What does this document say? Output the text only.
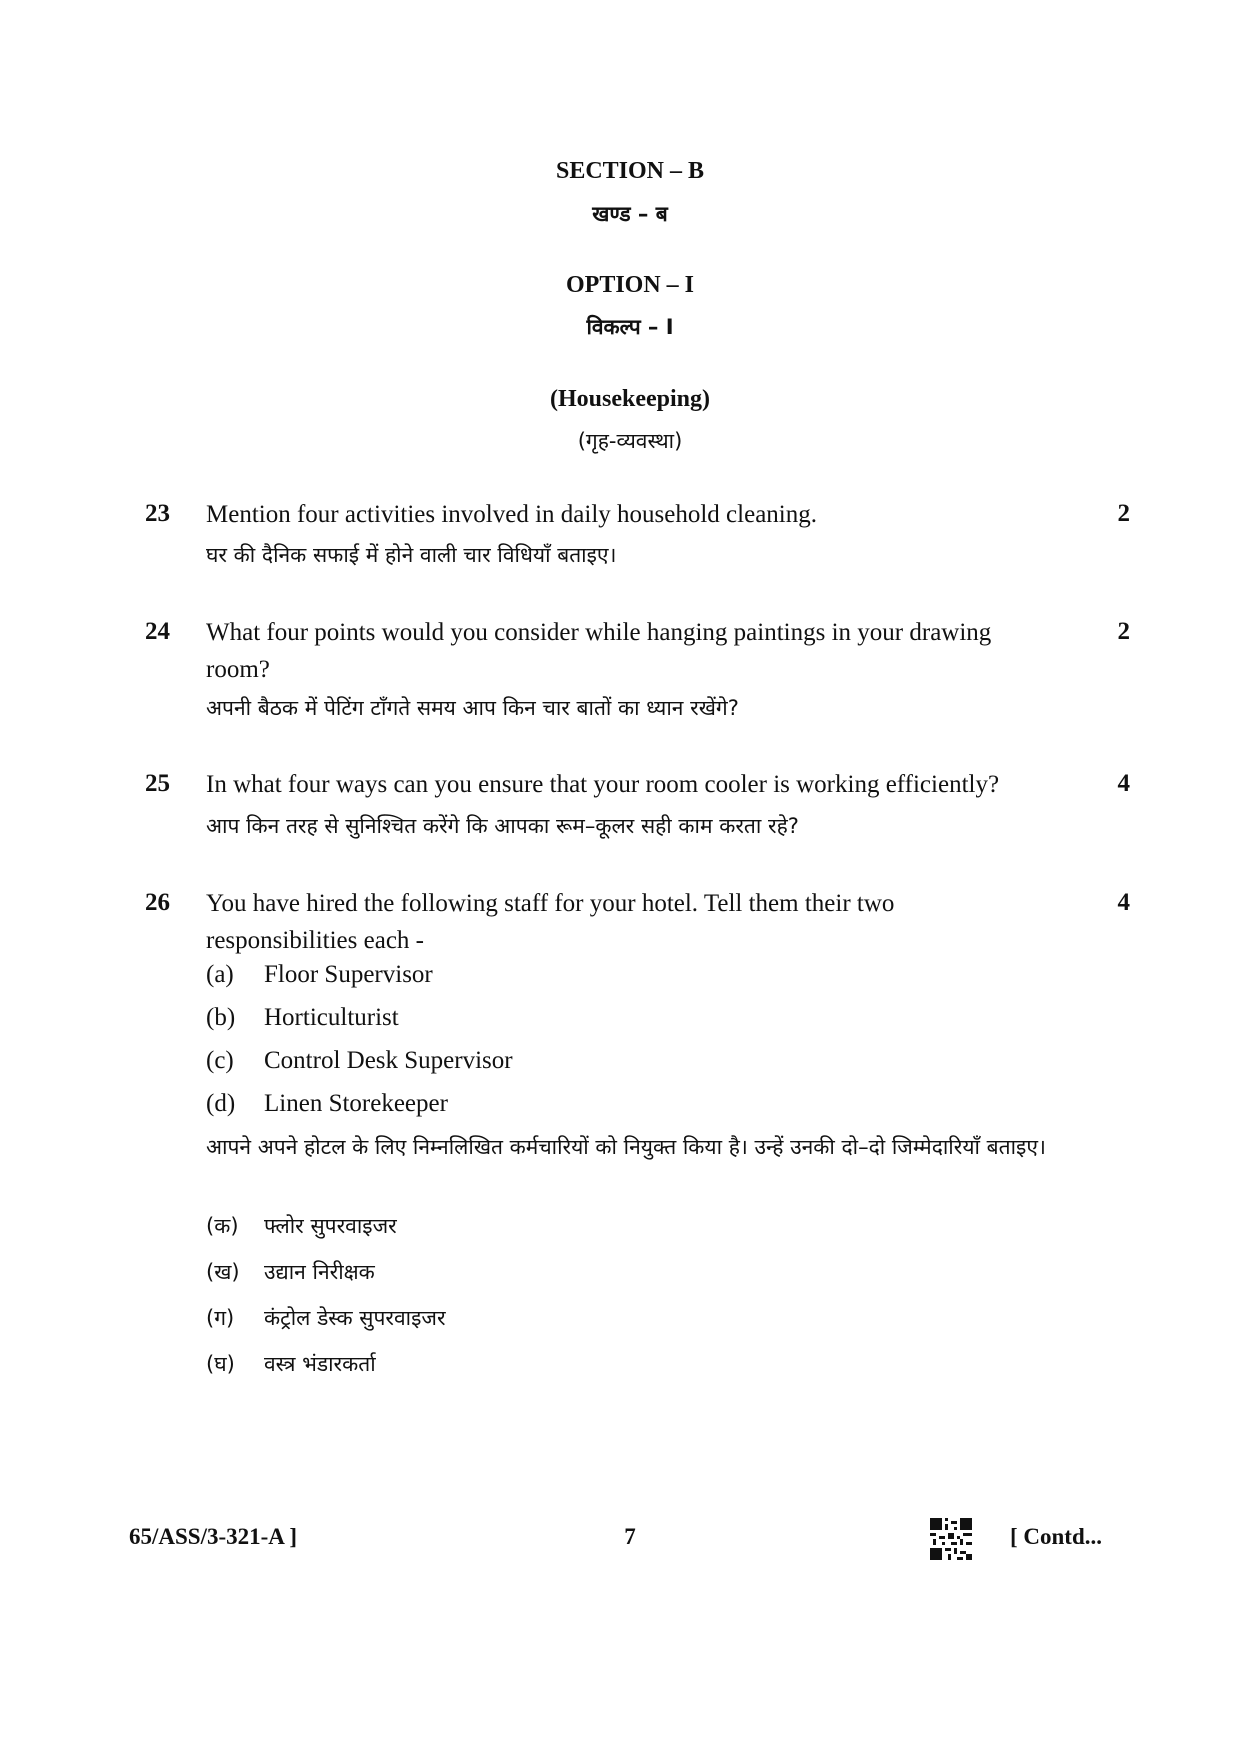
SECTION – B
खण्ड – ब
OPTION – I
विकल्प – I
(Housekeeping)
(गृह-व्यवस्था)
23 Mention four activities involved in daily household cleaning.	2
घर की दैनिक सफाई में होने वाली चार विधियाँ बताइए।
24 What four points would you consider while hanging paintings in your drawing room?
2
अपनी बैठक में पेटिंग टाँगते समय आप किन चार बातों का ध्यान रखेंगे?
25 In what four ways can you ensure that your room cooler is working efficiently?	4
आप किन तरह से सुनिश्चित करेंगे कि आपका रूम–कूलर सही काम करता रहे?
26 You have hired the following staff for your hotel. Tell them their two responsibilities each -
4
(a) Floor Supervisor
(b) Horticulturist
(c) Control Desk Supervisor
(d) Linen Storekeeper
आपने अपने होटल के लिए निम्नलिखित कर्मचारियों को नियुक्त किया है। उन्हें उनकी दो–दो जिम्मेदारियाँ बताइए।
(क) फ्लोर सुपरवाइजर
(ख) उद्यान निरीक्षक
(ग) कंट्रोल डेस्क सुपरवाइजर
(घ) वस्त्र भंडारकर्ता
65/ASS/3-321-A ]	7	[ Contd...
